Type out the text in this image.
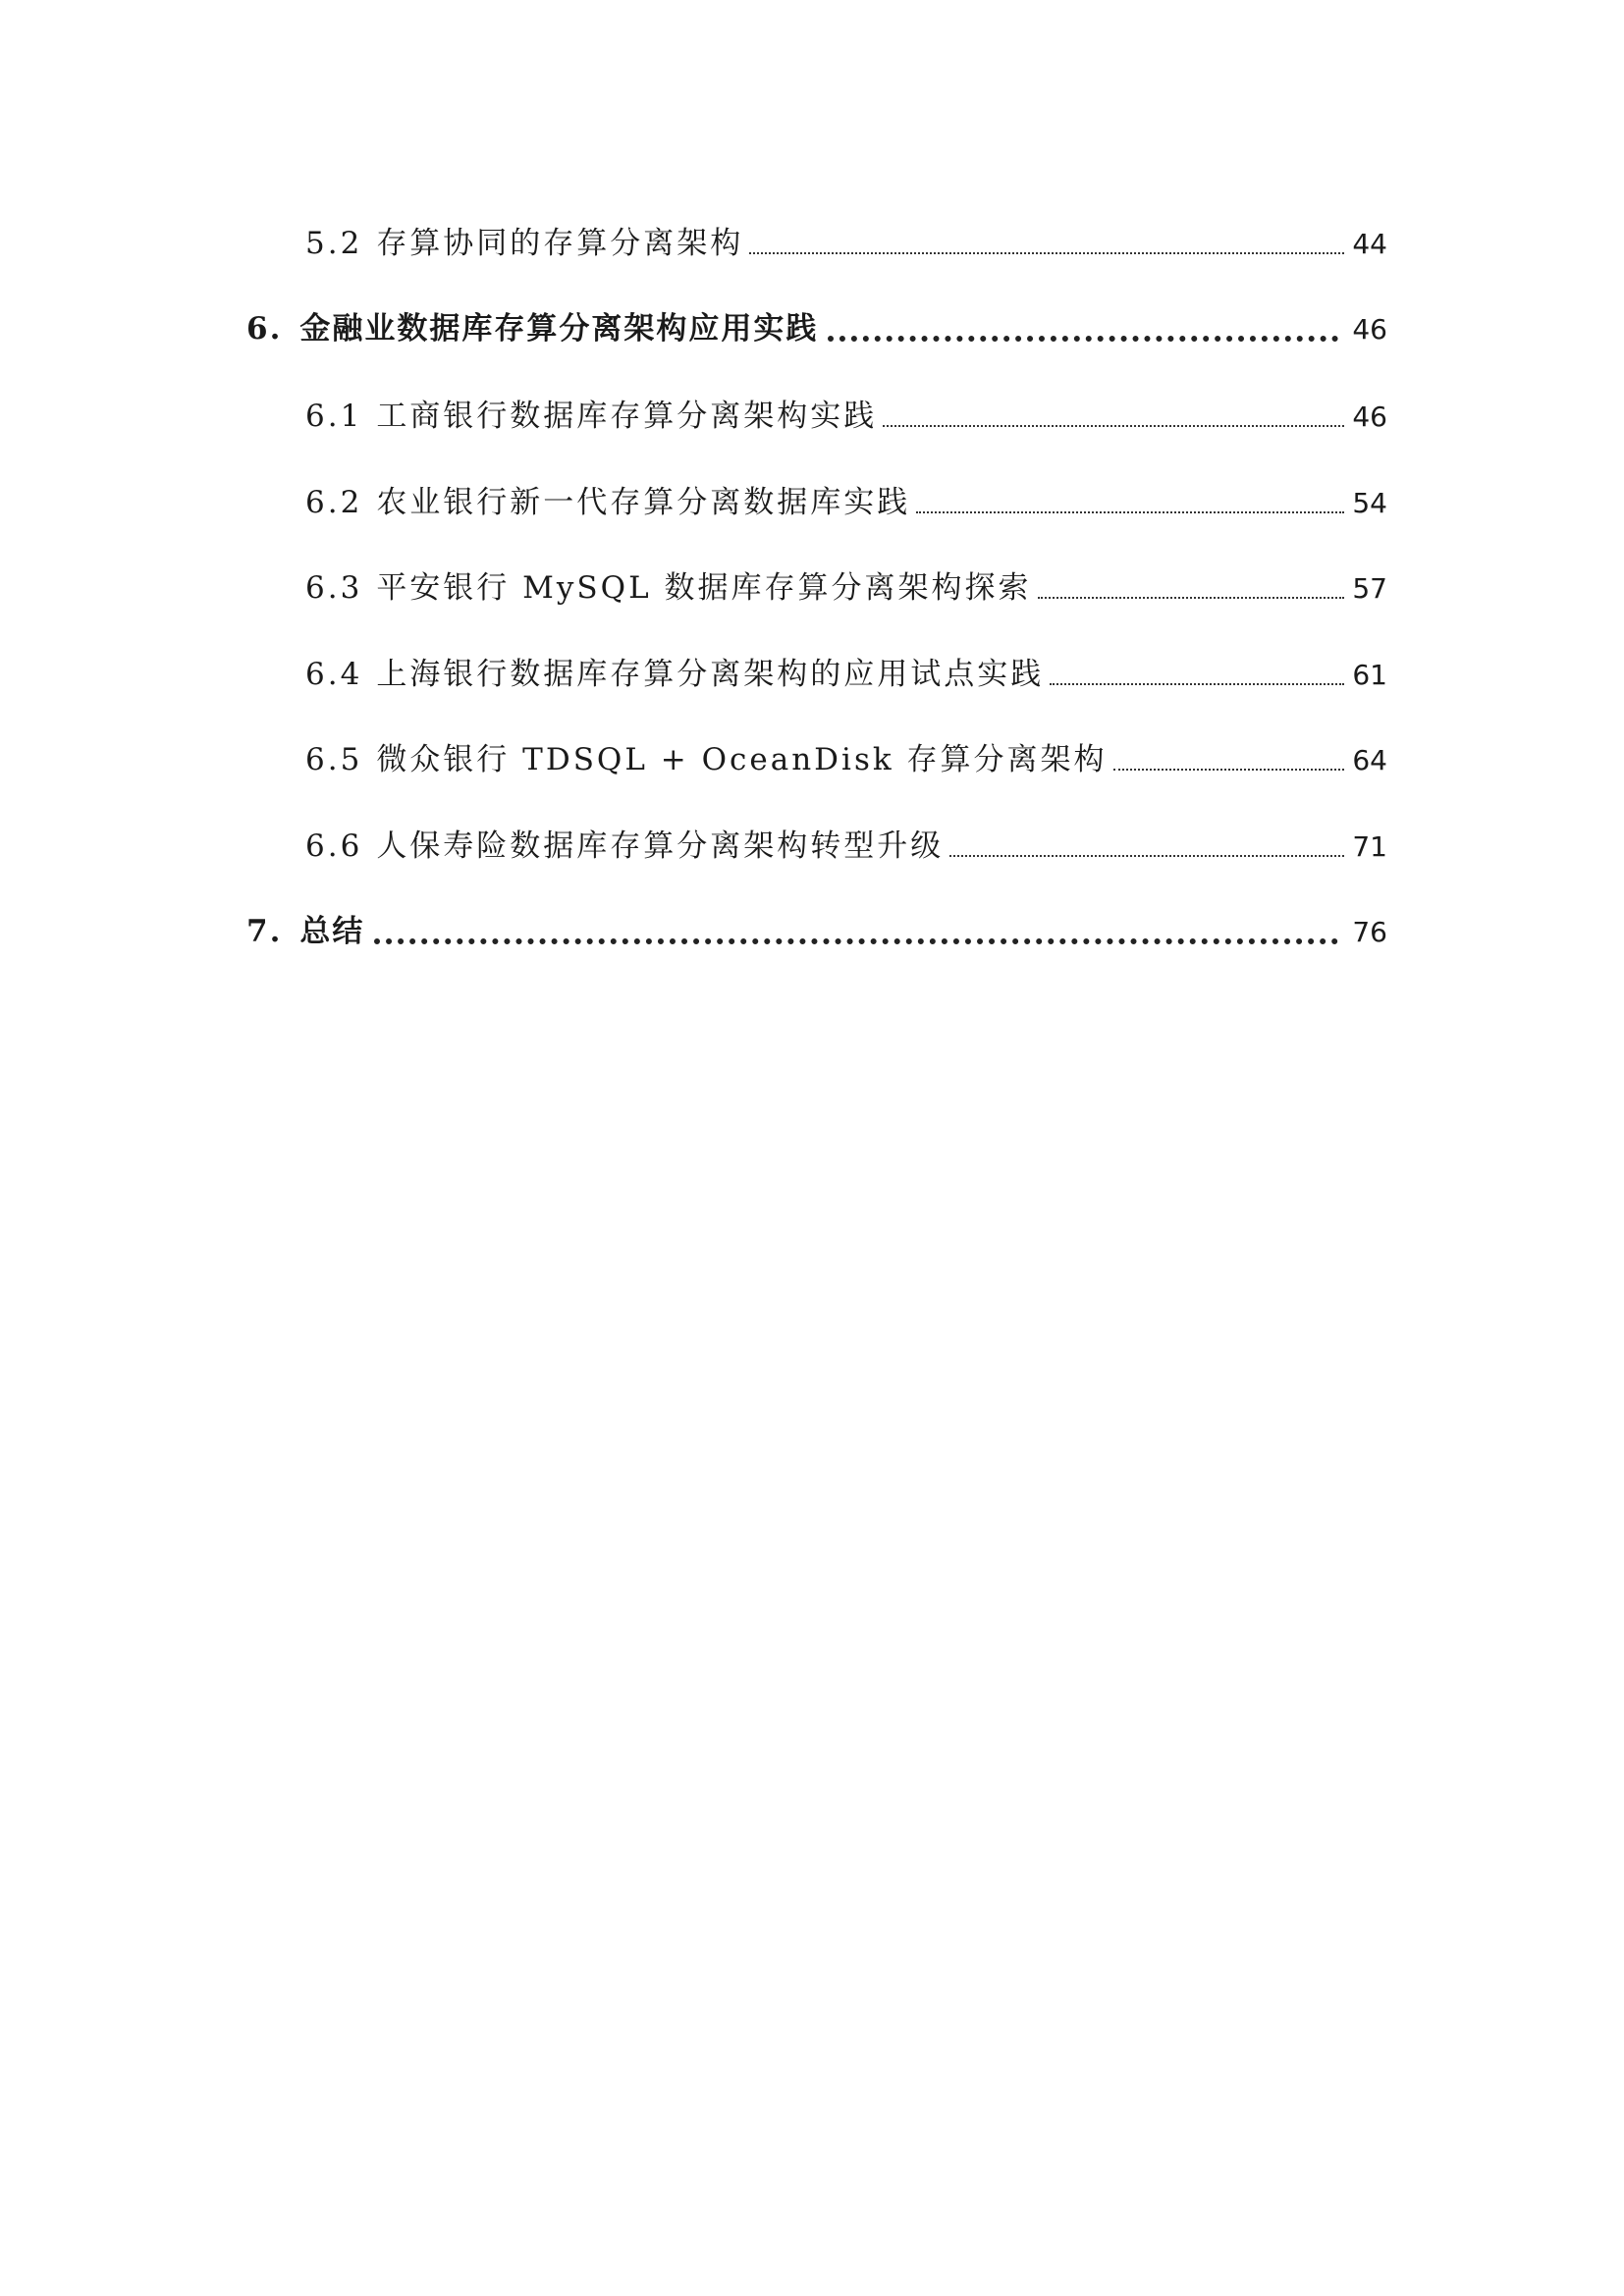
5.2 存算协同的存算分离架构	44
6. 金融业数据库存算分离架构应用实践	46
6.1 工商银行数据库存算分离架构实践	46
6.2 农业银行新一代存算分离数据库实践	54
6.3 平安银行 MySQL 数据库存算分离架构探索	57
6.4 上海银行数据库存算分离架构的应用试点实践	61
6.5 微众银行 TDSQL + OceanDisk 存算分离架构	64
6.6 人保寿险数据库存算分离架构转型升级	71
7. 总结	76
